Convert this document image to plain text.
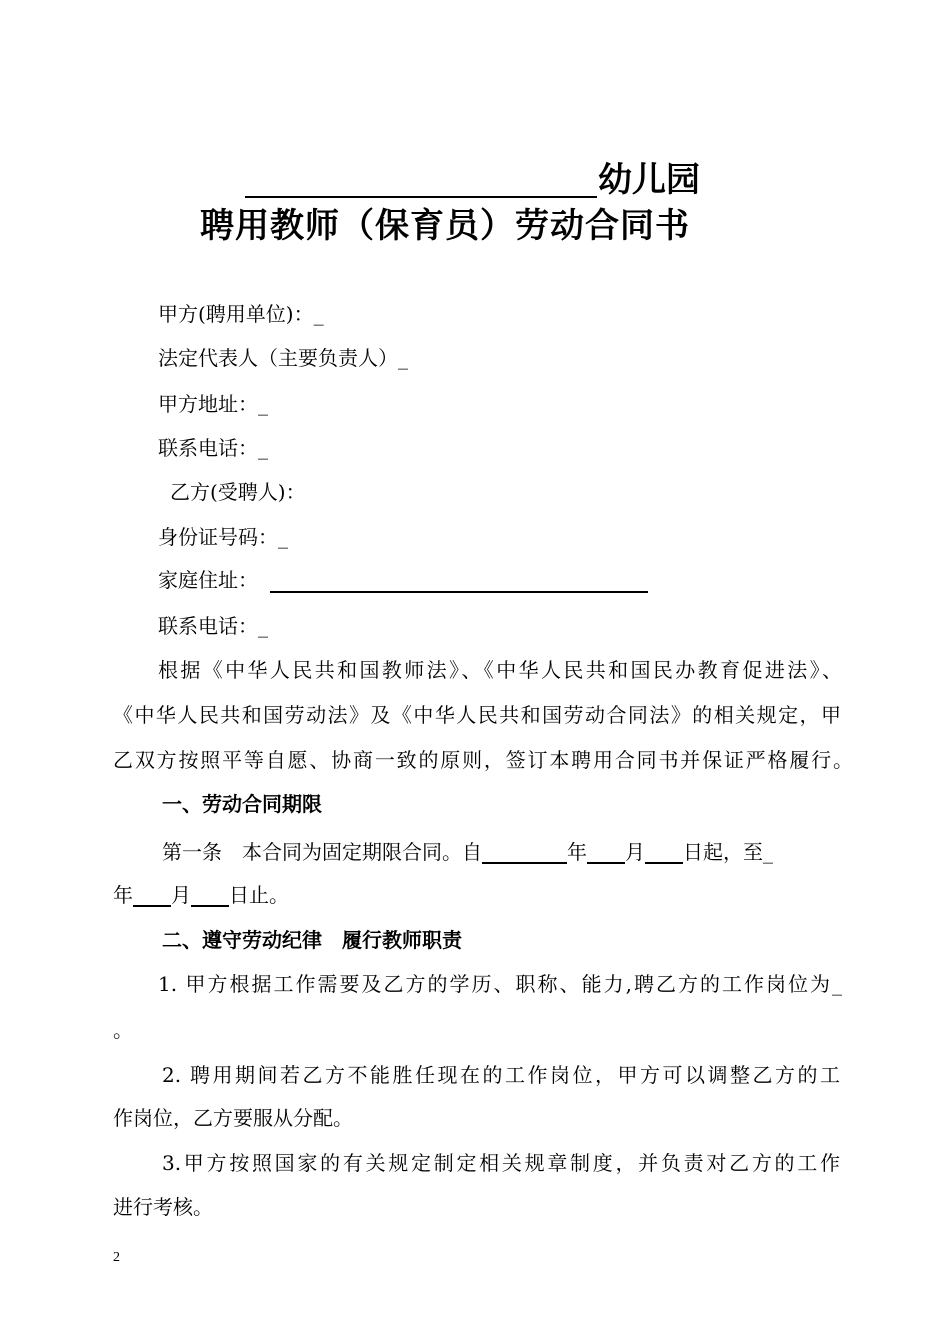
幼儿园
聘用教师（保育员）劳动合同书
甲方(聘用单位)：_
法定代表人（主要负责人）_
甲方地址：_
联系电话：_
乙方(受聘人)：
身份证号码：_
家庭住址：
联系电话：_
根据《中华人民共和国教师法》、《中华人民共和国民办教育促进法》、
《中华人民共和国劳动法》及《中华人民共和国劳动合同法》的相关规定，甲
乙双方按照平等自愿、协商一致的原则，签订本聘用合同书并保证严格履行。
一、劳动合同期限
第一条　本合同为固定期限合同。自	年 月 日起，至_
年 月 日止。
二、遵守劳动纪律　履行教师职责
1. 甲方根据工作需要及乙方的学历、职称、能力,聘乙方的工作岗位为_
。
2. 聘用期间若乙方不能胜任现在的工作岗位，甲方可以调整乙方的工
作岗位，乙方要服从分配。
3.甲方按照国家的有关规定制定相关规章制度，并负责对乙方的工作
进行考核。
2
